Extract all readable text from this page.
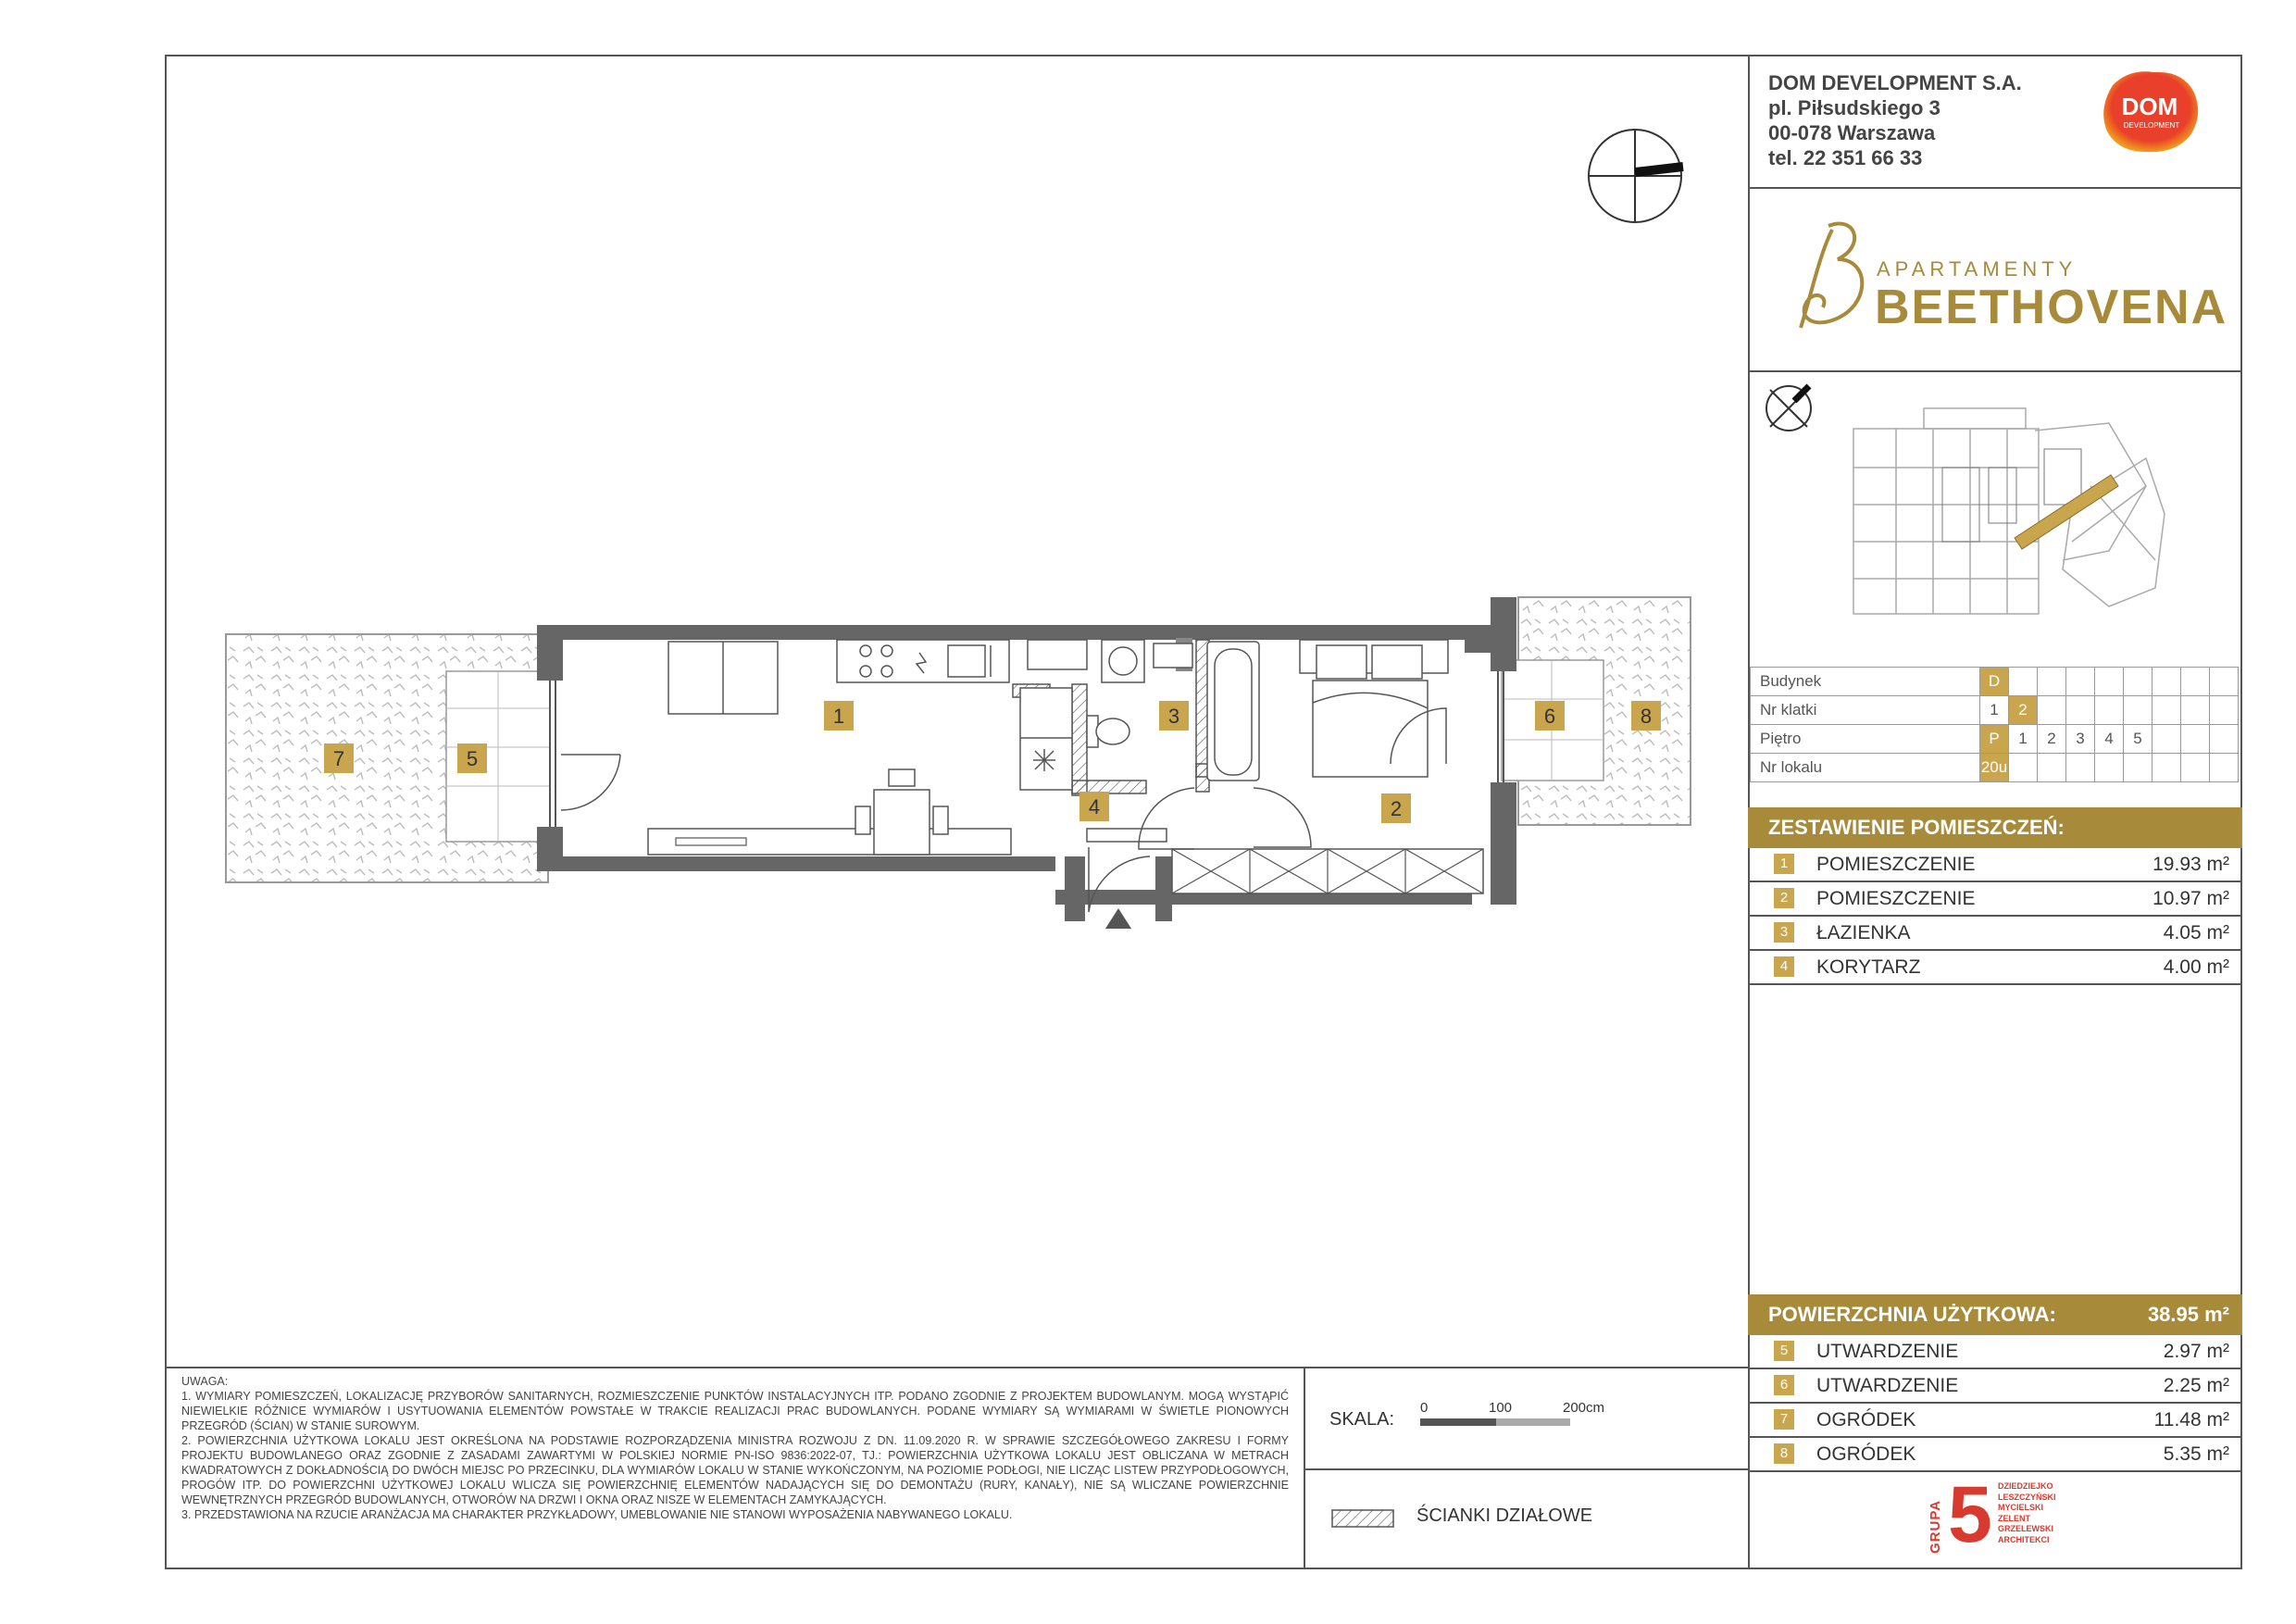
DOM DEVELOPMENT S.A.
pl. Piłsudskiego 3
00-078 Warszawa
tel. 22 351 66 33
DOM
DEVELOPMENT
APARTAMENTY
BEETHOVENA
Budynek	D								
Nr klatki	1	2							
Piętro	P	1	2	3	4	5			
Nr lokalu	20u								
ZESTAWIENIE POMIESZCZEŃ:
1	POMIESZCZENIE	19.93 m²
2	POMIESZCZENIE	10.97 m²
3	ŁAZIENKA	4.05 m²
4	KORYTARZ	4.00 m²
POWIERZCHNIA UŻYTKOWA:	38.95 m²
5	UTWARDZENIE	2.97 m²
6	UTWARDZENIE	2.25 m²
7	OGRÓDEK	11.48 m²
8	OGRÓDEK	5.35 m²
UWAGA:
1. WYMIARY POMIESZCZEŃ, LOKALIZACJĘ PRZYBORÓW SANITARNYCH, ROZMIESZCZENIE PUNKTÓW INSTALACYJNYCH ITP. PODANO ZGODNIE Z PROJEKTEM BUDOWLANYM. MOGĄ WYSTĄPIĆ NIEWIELKIE RÓŻNICE WYMIARÓW I USYTUOWANIA ELEMENTÓW POWSTAŁE W TRAKCIE REALIZACJI PRAC BUDOWLANYCH. PODANE WYMIARY SĄ WYMIARAMI W ŚWIETLE PIONOWYCH PRZEGRÓD (ŚCIAN) W STANIE SUROWYM.
2. POWIERZCHNIA UŻYTKOWA LOKALU JEST OKREŚLONA NA PODSTAWIE ROZPORZĄDZENIA MINISTRA ROZWOJU Z DN. 11.09.2020 R. W SPRAWIE SZCZEGÓŁOWEGO ZAKRESU I FORMY PROJEKTU BUDOWLANEGO ORAZ ZGODNIE Z ZASADAMI ZAWARTYMI W POLSKIEJ NORMIE PN-ISO 9836:2022-07, TJ.: POWIERZCHNIA UŻYTKOWA LOKALU JEST OBLICZANA W METRACH KWADRATOWYCH Z DOKŁADNOŚCIĄ DO DWÓCH MIEJSC PO PRZECINKU, DLA WYMIARÓW LOKALU W STANIE WYKOŃCZONYM, NA POZIOMIE PODŁOGI, NIE LICZĄC LISTEW PRZYPODŁOGOWYCH, PROGÓW ITP. DO POWIERZCHNI UŻYTKOWEJ LOKALU WLICZA SIĘ POWIERZCHNIĘ ELEMENTÓW NADAJĄCYCH SIĘ DO DEMONTAŻU (RURY, KANAŁY), NIE SĄ WLICZANE POWIERZCHNIE WEWNĘTRZNYCH PRZEGRÓD BUDOWLANYCH, OTWORÓW NA DRZWI I OKNA ORAZ NISZE W ELEMENTACH ZAMYKAJĄCYCH.
3. PRZEDSTAWIONA NA RZUCIE ARANŻACJA MA CHARAKTER PRZYKŁADOWY, UMEBLOWANIE NIE STANOWI WYPOSAŻENIA NABYWANEGO LOKALU.
SKALA:
0	100	200cm
ŚCIANKI DZIAŁOWE	GRUPA 5 DZIEDZIEJKO
LESZCZYŃSKI
MYCIELSKI
ZELENT
GRZELEWSKI
ARCHITEKCI
1
2
3
4
5
6
7
8
